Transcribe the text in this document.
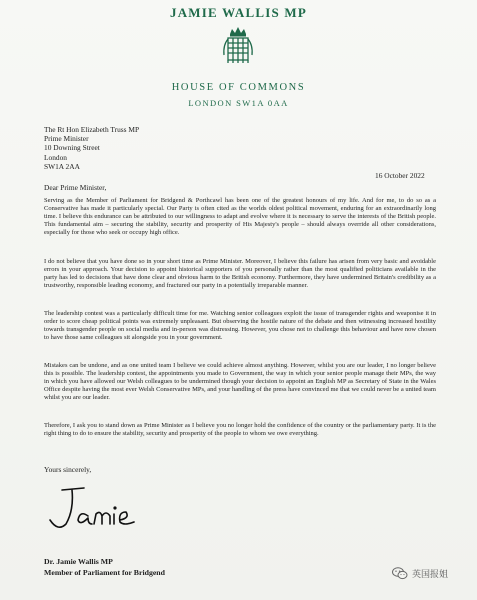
JAMIE WALLIS MP
HOUSE OF COMMONS
LONDON SW1A 0AA
The Rt Hon Elizabeth Truss MP
Prime Minister
10 Downing Street
London
SW1A 2AA
16 October 2022
Dear Prime Minister,
Serving as the Member of Parliament for Bridgend & Porthcawl has been one of the greatest honours of my life. And for me, to do so as a Conservative has made it particularly special. Our Party is often cited as the worlds oldest political movement, enduring for an extraordinarily long time. I believe this endurance can be attributed to our willingness to adapt and evolve where it is necessary to serve the interests of the British people. This fundamental aim – securing the stability, security and prosperity of His Majesty's people – should always override all other considerations, especially for those who seek or occupy high office.
I do not believe that you have done so in your short time as Prime Minister. Moreover, I believe this failure has arisen from very basic and avoidable errors in your approach. Your decision to appoint historical supporters of you personally rather than the most qualified politicians available in the party has led to decisions that have done clear and obvious harm to the British economy. Furthermore, they have undermined Britain's credibility as a trustworthy, responsible leading economy, and fractured our party in a potentially irreparable manner.
The leadership contest was a particularly difficult time for me. Watching senior colleagues exploit the issue of transgender rights and weaponise it in order to score cheap political points was extremely unpleasant. But observing the hostile nature of the debate and then witnessing increased hostility towards transgender people on social media and in-person was distressing. However, you chose not to challenge this behaviour and have now chosen to have those same colleagues sit alongside you in your government.
Mistakes can be undone, and as one united team I believe we could achieve almost anything. However, whilst you are our leader, I no longer believe this is possible. The leadership contest, the appointments you made to Government, the way in which your senior people manage their MPs, the way in which you have allowed our Welsh colleagues to be undermined though your decision to appoint an English MP as Secretary of State in the Wales Office despite having the most ever Welsh Conservative MPs, and your handling of the press have convinced me that we could never be a united team whilst you are our leader.
Therefore, I ask you to stand down as Prime Minister as I believe you no longer hold the confidence of the country or the parliamentary party. It is the right thing to do to ensure the stability, security and prosperity of the people to whom we owe everything.
Yours sincerely,
Dr. Jamie Wallis MP
Member of Parliament for Bridgend	英国报姐
